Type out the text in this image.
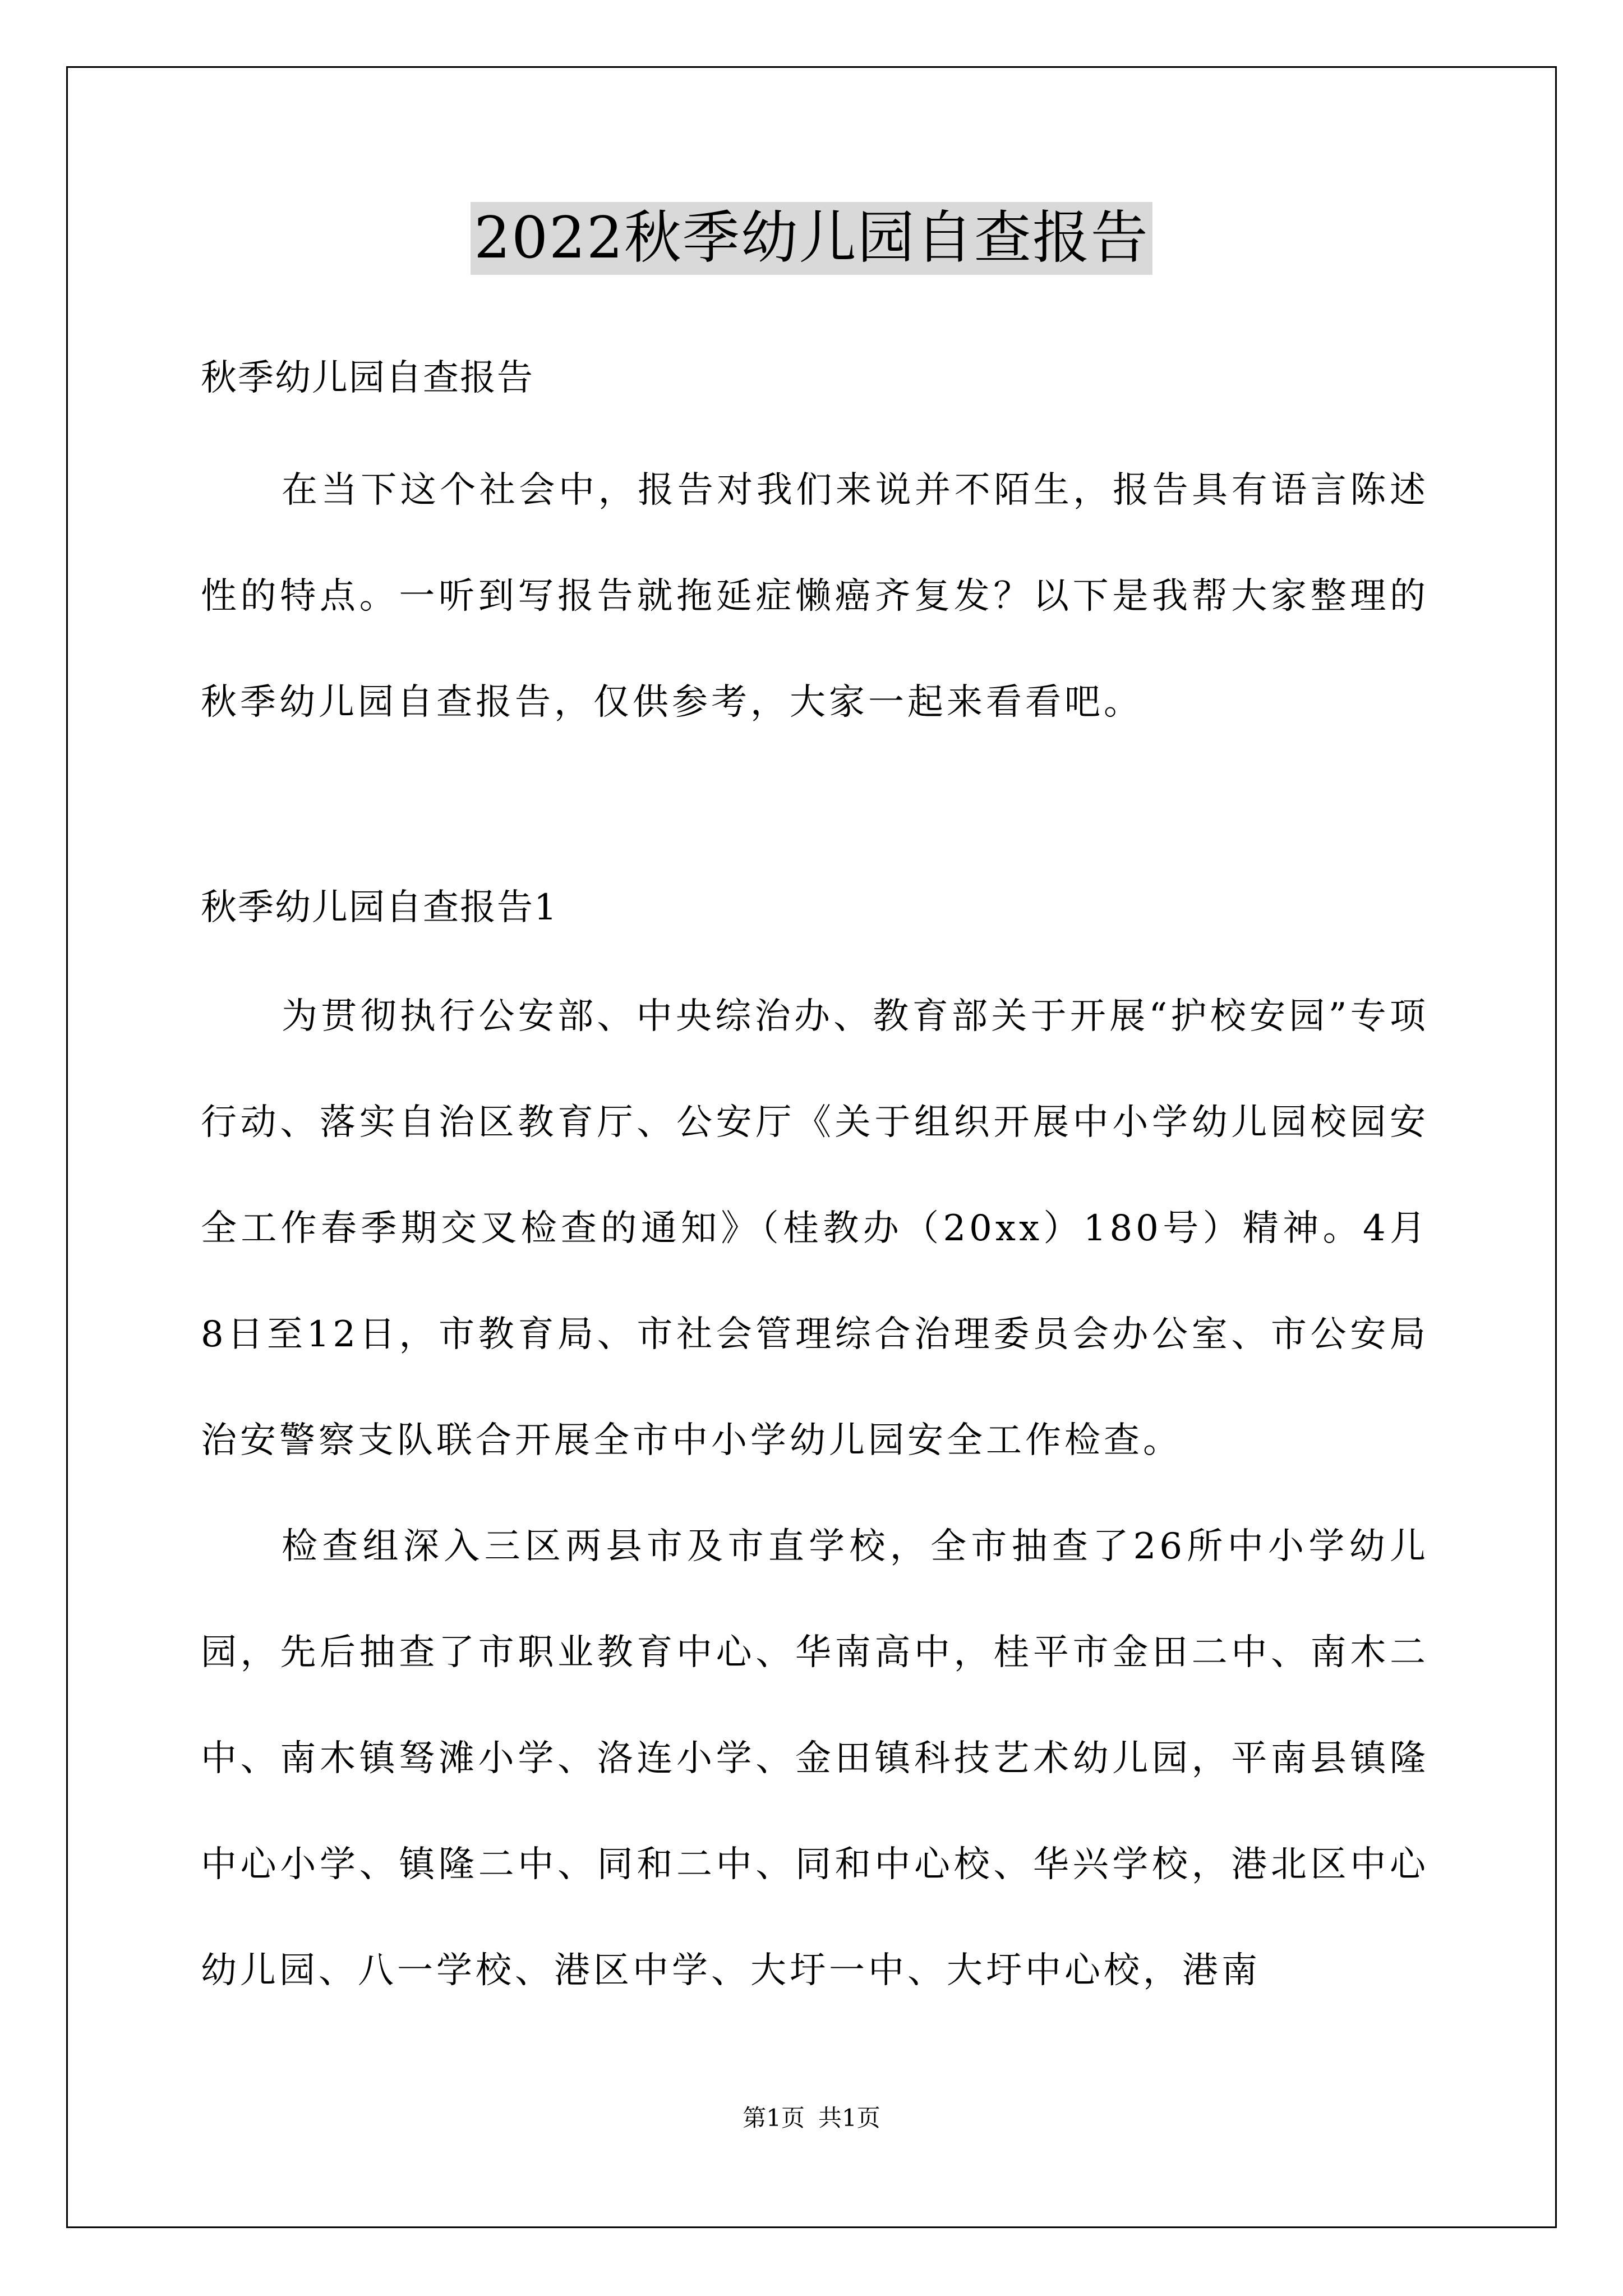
2022秋季幼儿园自查报告
秋季幼儿园自查报告

在当下这个社会中，报告对我们来说并不陌生，报告具有语言陈述性的特点。一听到写报告就拖延症懒癌齐复发？以下是我帮大家整理的秋季幼儿园自查报告，仅供参考，大家一起来看看吧。

秋季幼儿园自查报告1

为贯彻执行公安部、中央综治办、教育部关于开展“护校安园”专项行动、落实自治区教育厅、公安厅《关于组织开展中小学幼儿园校园安全工作春季期交叉检查的通知》（桂教办（20xx）180号）精神。4月8日至12日，市教育局、市社会管理综合治理委员会办公室、市公安局治安警察支队联合开展全市中小学幼儿园安全工作检查。

检查组深入三区两县市及市直学校，全市抽查了26所中小学幼儿园，先后抽查了市职业教育中心、华南高中，桂平市金田二中、南木二中、南木镇驽滩小学、洛连小学、金田镇科技艺术幼儿园，平南县镇隆中心小学、镇隆二中、同和二中、同和中心校、华兴学校，港北区中心幼儿园、八一学校、港区中学、大圩一中、大圩中心校，港南

第1页 共1页
